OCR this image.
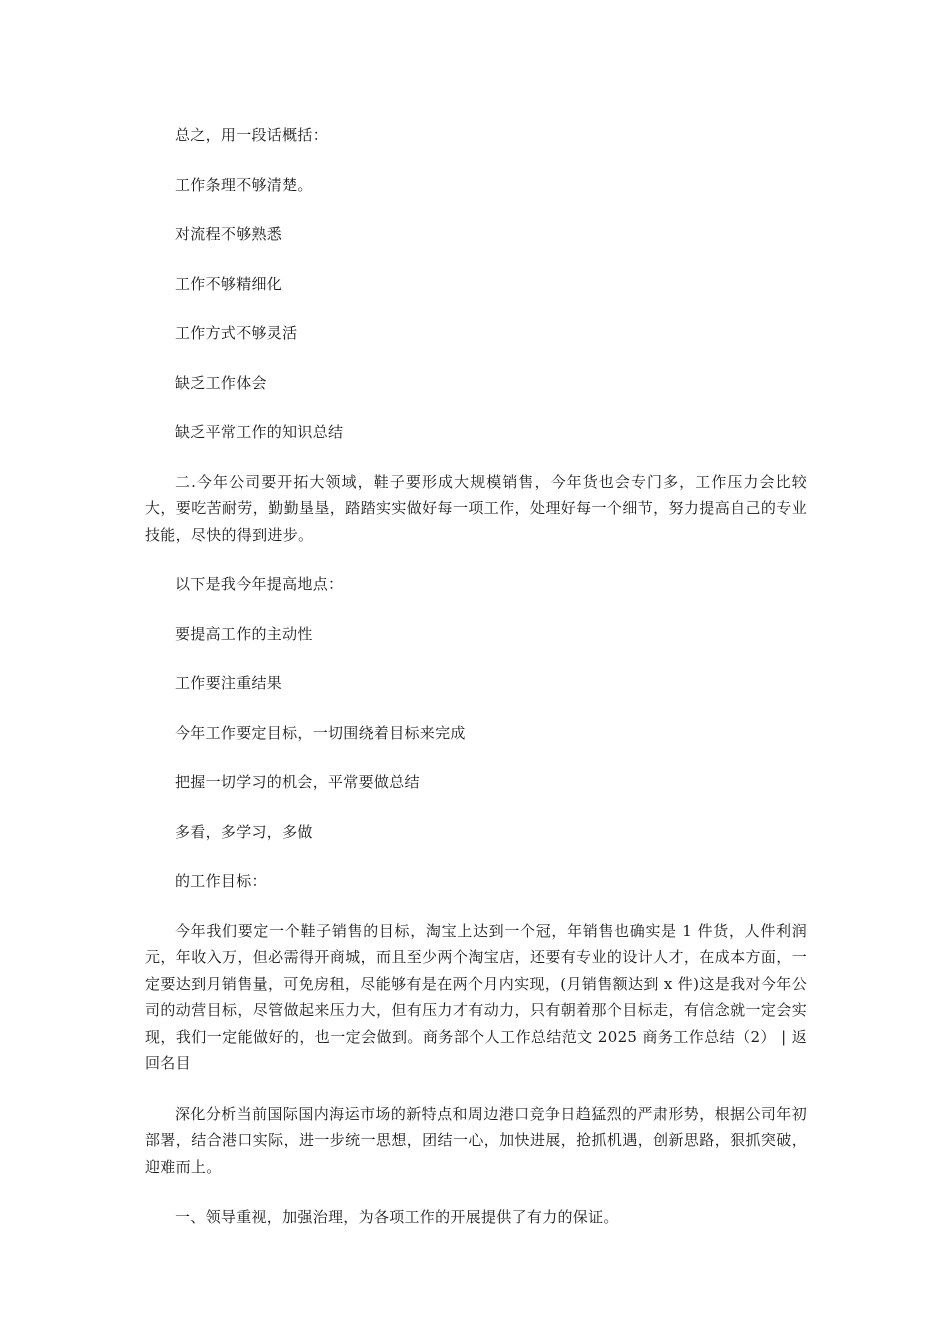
总之，用一段话概括：

工作条理不够清楚。

对流程不够熟悉

工作不够精细化

工作方式不够灵活

缺乏工作体会

缺乏平常工作的知识总结

二.今年公司要开拓大领域，鞋子要形成大规模销售，今年货也会专门多，工作压力会比较大，要吃苦耐劳，勤勤垦垦，踏踏实实做好每一项工作，处理好每一个细节，努力提高自己的专业技能，尽快的得到进步。

以下是我今年提高地点：

要提高工作的主动性

工作要注重结果

今年工作要定目标，一切围绕着目标来完成

把握一切学习的机会，平常要做总结

多看，多学习，多做

的工作目标：

今年我们要定一个鞋子销售的目标，淘宝上达到一个冠，年销售也确实是 1 件货，人件利润元，年收入万，但必需得开商城，而且至少两个淘宝店，还要有专业的设计人才，在成本方面，一定要达到月销售量，可免房租，尽能够有是在两个月内实现，(月销售额达到 x 件)这是我对今年公司的动营目标，尽管做起来压力大，但有压力才有动力，只有朝着那个目标走，有信念就一定会实现，我们一定能做好的，也一定会做到。商务部个人工作总结范文 2025 商务工作总结（2） | 返回名目

深化分析当前国际国内海运市场的新特点和周边港口竞争日趋猛烈的严肃形势，根据公司年初部署，结合港口实际，进一步统一思想，团结一心，加快进展，抢抓机遇，创新思路，狠抓突破，迎难而上。

一、领导重视，加强治理，为各项工作的开展提供了有力的保证。
